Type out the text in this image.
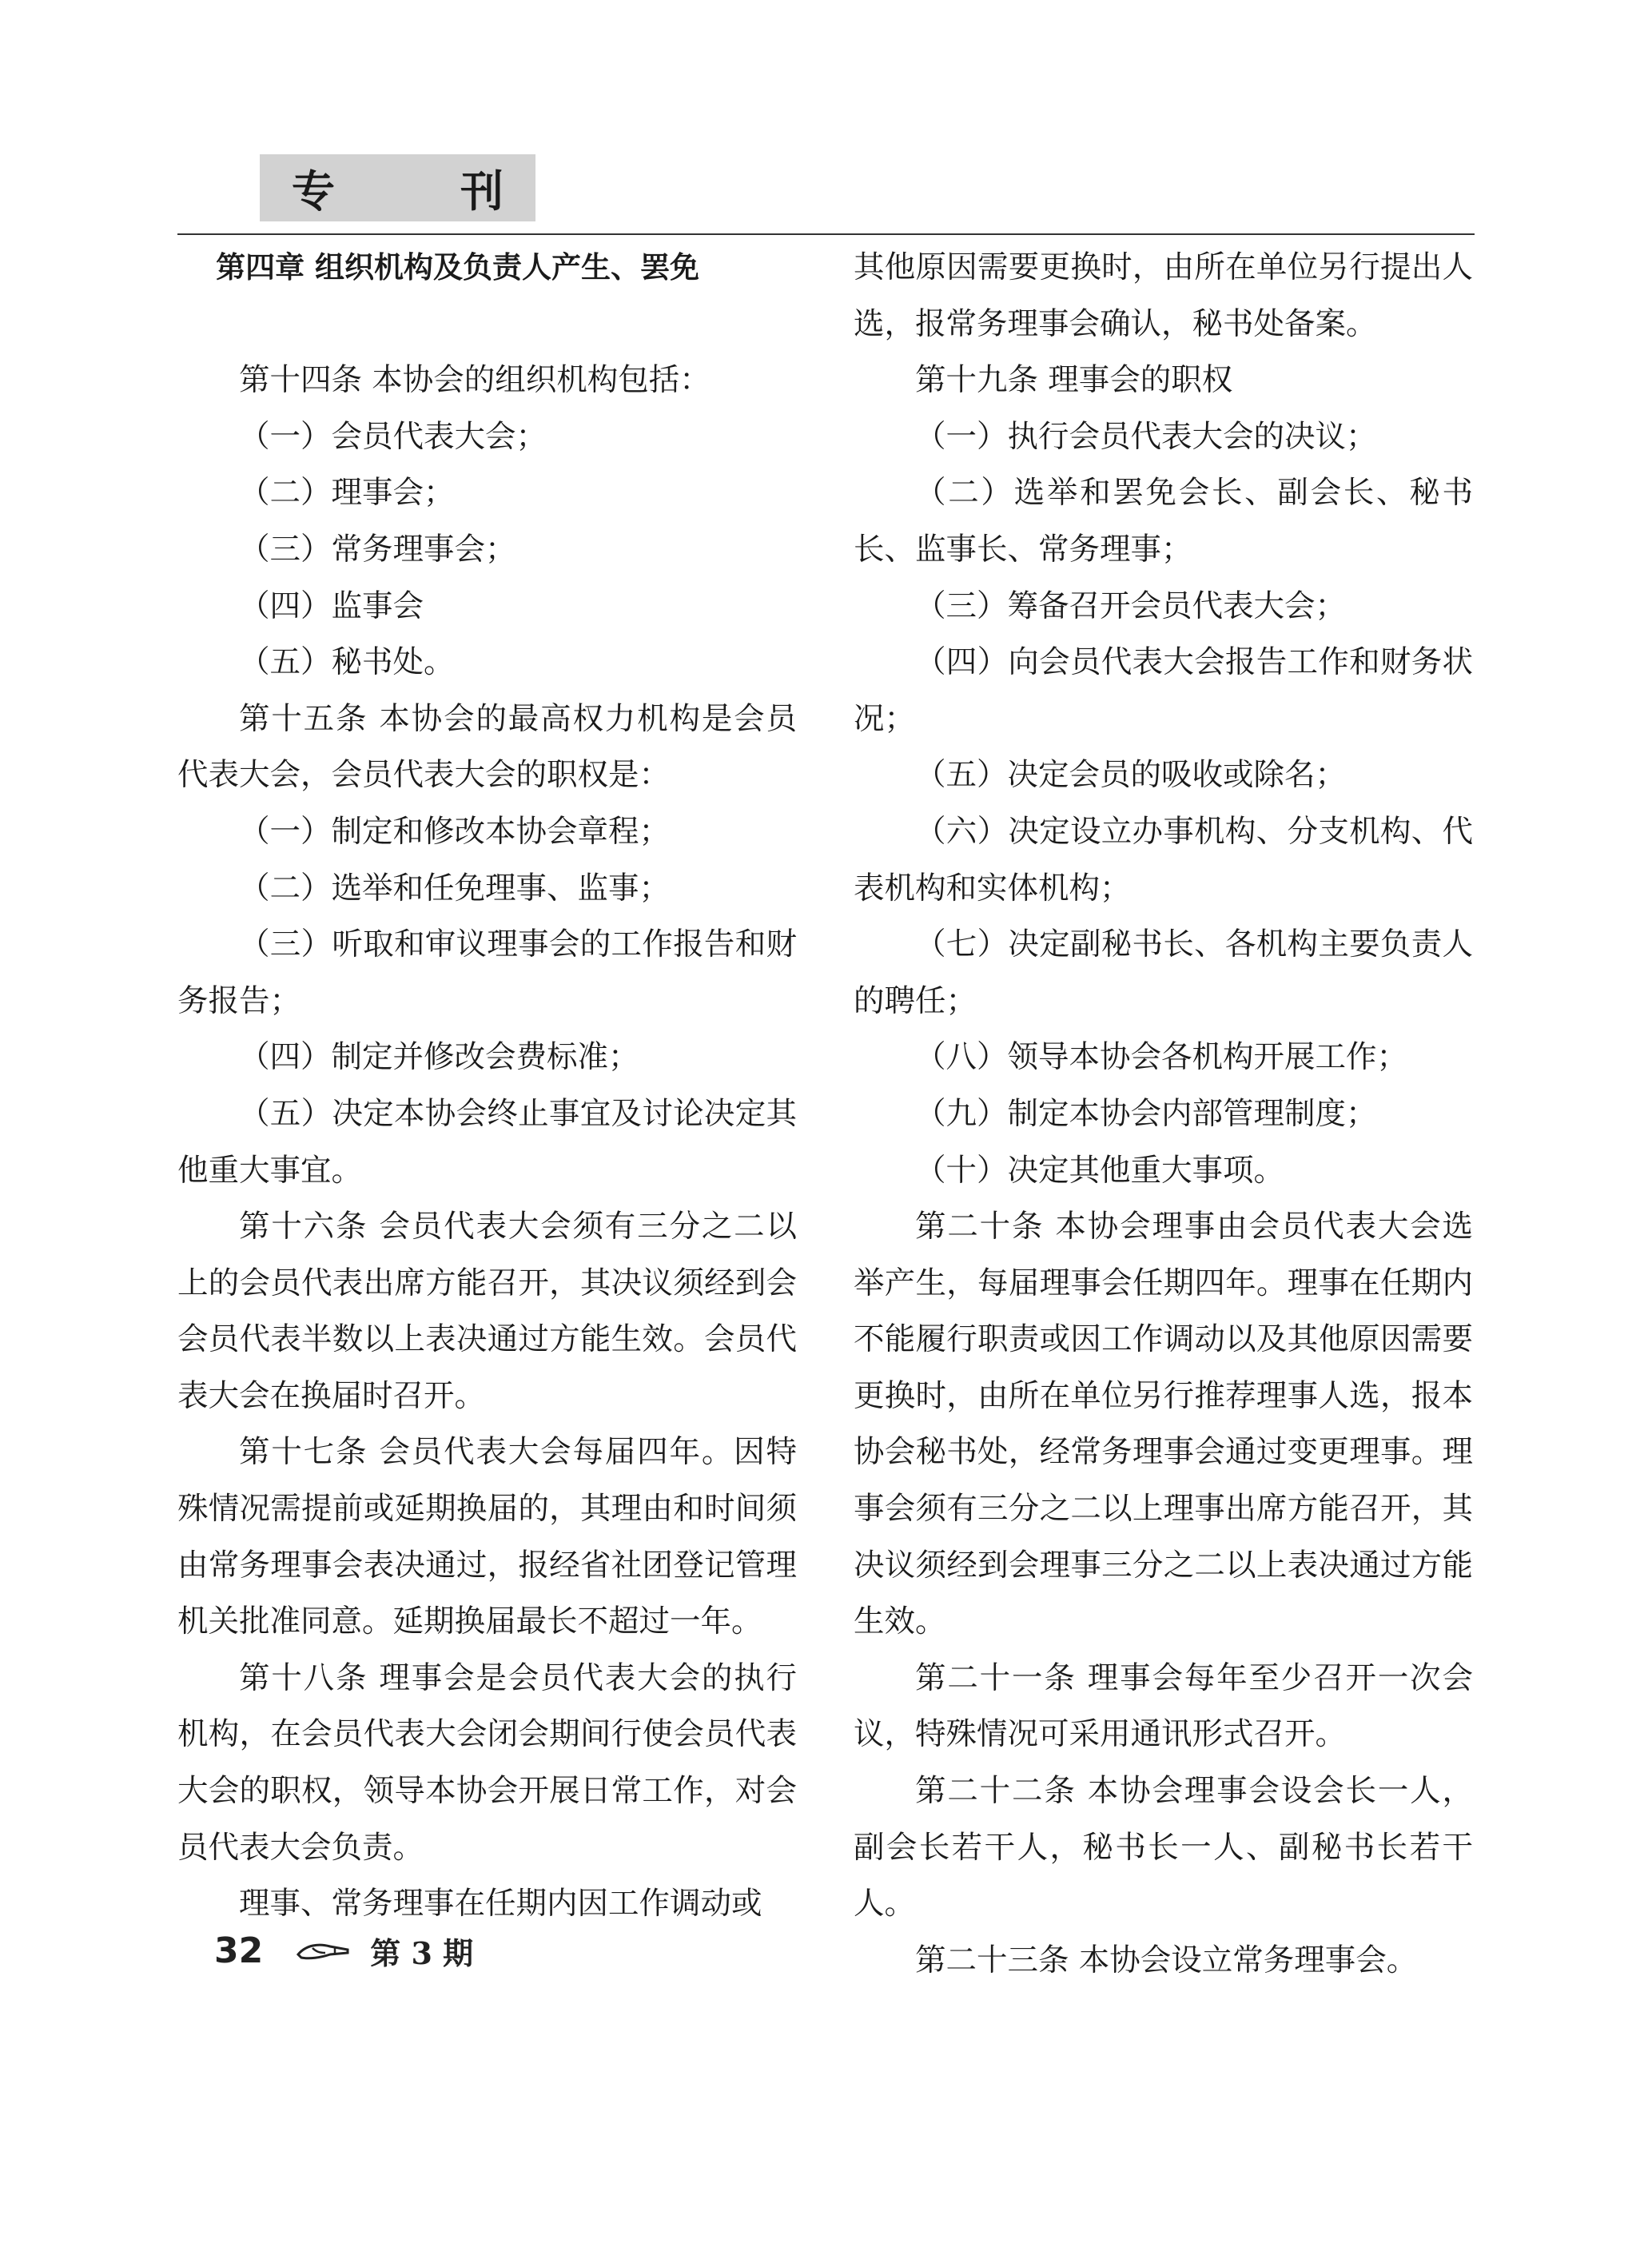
专	刊

第四章 组织机构及负责人产生、罢免

第十四条 本协会的组织机构包括：

（一）会员代表大会；

（二）理事会；

（三）常务理事会；

（四）监事会

（五）秘书处。

第十五条 本协会的最高权力机构是会员代表大会，会员代表大会的职权是：

（一）制定和修改本协会章程；

（二）选举和任免理事、监事；

（三）听取和审议理事会的工作报告和财务报告；

（四）制定并修改会费标准；

（五）决定本协会终止事宜及讨论决定其他重大事宜。

第十六条 会员代表大会须有三分之二以上的会员代表出席方能召开，其决议须经到会会员代表半数以上表决通过方能生效。会员代表大会在换届时召开。

第十七条 会员代表大会每届四年。因特殊情况需提前或延期换届的，其理由和时间须由常务理事会表决通过，报经省社团登记管理机关批准同意。延期换届最长不超过一年。

第十八条 理事会是会员代表大会的执行机构，在会员代表大会闭会期间行使会员代表大会的职权，领导本协会开展日常工作，对会员代表大会负责。

理事、常务理事在任期内因工作调动或

其他原因需要更换时，由所在单位另行提出人选，报常务理事会确认，秘书处备案。

第十九条 理事会的职权

（一）执行会员代表大会的决议；

（二）选举和罢免会长、副会长、秘书长、监事长、常务理事；

（三）筹备召开会员代表大会；

（四）向会员代表大会报告工作和财务状况；

（五）决定会员的吸收或除名；

（六）决定设立办事机构、分支机构、代表机构和实体机构；

（七）决定副秘书长、各机构主要负责人的聘任；

（八）领导本协会各机构开展工作；

（九）制定本协会内部管理制度；

（十）决定其他重大事项。

第二十条 本协会理事由会员代表大会选举产生，每届理事会任期四年。理事在任期内不能履行职责或因工作调动以及其他原因需要更换时，由所在单位另行推荐理事人选，报本协会秘书处，经常务理事会通过变更理事。理事会须有三分之二以上理事出席方能召开，其决议须经到会理事三分之二以上表决通过方能生效。

第二十一条 理事会每年至少召开一次会议，特殊情况可采用通讯形式召开。

第二十二条 本协会理事会设会长一人，副会长若干人，秘书长一人、副秘书长若干人。

第二十三条 本协会设立常务理事会。

32	第 3 期
